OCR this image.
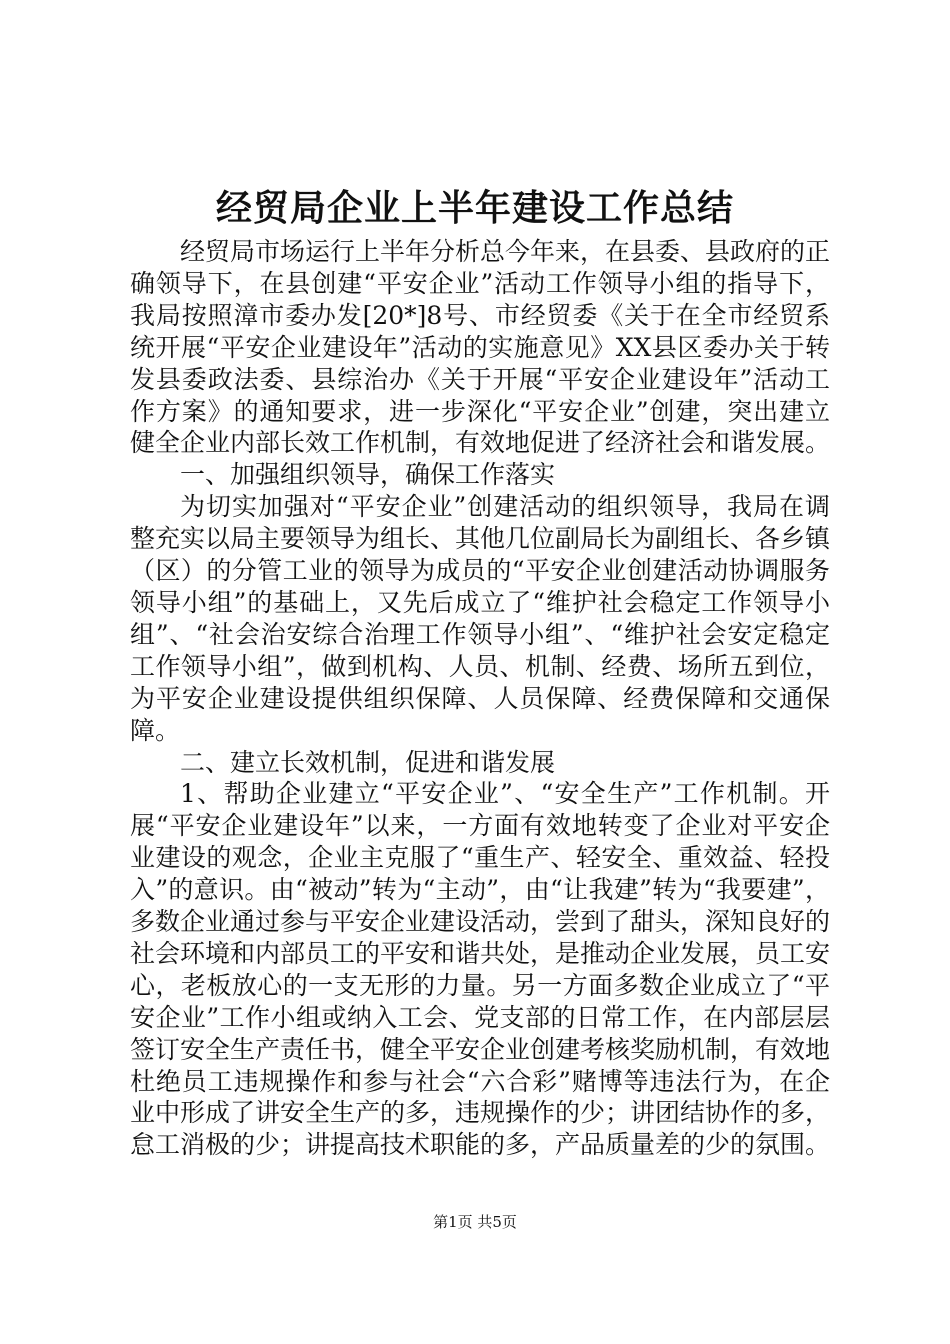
经贸局企业上半年建设工作总结

经贸局市场运行上半年分析总今年来，在县委、县政府的正确领导下，在县创建“平安企业”活动工作领导小组的指导下，我局按照漳市委办发[20*]8号、市经贸委《关于在全市经贸系统开展“平安企业建设年”活动的实施意见》XX县区委办关于转发县委政法委、县综治办《关于开展“平安企业建设年”活动工作方案》的通知要求，进一步深化“平安企业”创建，突出建立健全企业内部长效工作机制，有效地促进了经济社会和谐发展。

一、加强组织领导，确保工作落实

为切实加强对“平安企业”创建活动的组织领导，我局在调整充实以局主要领导为组长、其他几位副局长为副组长、各乡镇（区）的分管工业的领导为成员的“平安企业创建活动协调服务领导小组”的基础上，又先后成立了“维护社会稳定工作领导小组”、“社会治安综合治理工作领导小组”、“维护社会安定稳定工作领导小组”，做到机构、人员、机制、经费、场所五到位，为平安企业建设提供组织保障、人员保障、经费保障和交通保障。

二、建立长效机制，促进和谐发展

1、帮助企业建立“平安企业”、“安全生产”工作机制。开展“平安企业建设年”以来，一方面有效地转变了企业对平安企业建设的观念，企业主克服了“重生产、轻安全、重效益、轻投入”的意识。由“被动”转为“主动”，由“让我建”转为“我要建”，多数企业通过参与平安企业建设活动，尝到了甜头，深知良好的社会环境和内部员工的平安和谐共处，是推动企业发展，员工安心，老板放心的一支无形的力量。另一方面多数企业成立了“平安企业”工作小组或纳入工会、党支部的日常工作，在内部层层签订安全生产责任书，健全平安企业创建考核奖励机制，有效地杜绝员工违规操作和参与社会“六合彩”赌博等违法行为，在企业中形成了讲安全生产的多，违规操作的少；讲团结协作的多，怠工消极的少；讲提高技术职能的多，产品质量差的少的氛围。

第1页 共5页
